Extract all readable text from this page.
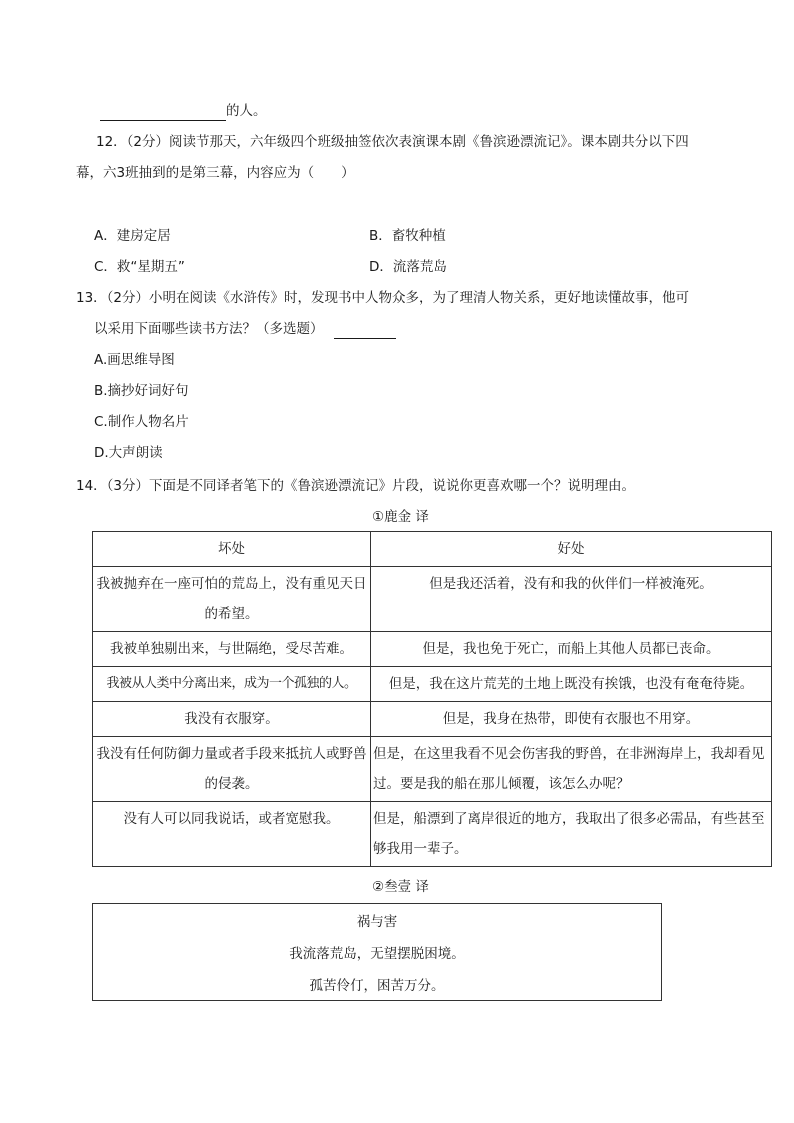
的人。
12．（2分）阅读节那天，六年级四个班级抽签依次表演课本剧《鲁滨逊漂流记》。课本剧共分以下四
幕，六3班抽到的是第三幕，内容应为（　　）
A．建房定居	B．畜牧种植
C．救“星期五”	D．流落荒岛
13．（2分）小明在阅读《水浒传》时，发现书中人物众多，为了理清人物关系，更好地读懂故事，他可
以采用下面哪些读书方法？（多选题）
A.画思维导图
B.摘抄好词好句
C.制作人物名片
D.大声朗读
14．（3分）下面是不同译者笔下的《鲁滨逊漂流记》片段，说说你更喜欢哪一个？说明理由。
①鹿金 译
坏处	好处
我被抛弃在一座可怕的荒岛上，没有重见天日的希望。	但是我还活着，没有和我的伙伴们一样被淹死。
我被单独剔出来，与世隔绝，受尽苦难。	但是，我也免于死亡，而船上其他人员都已丧命。
我被从人类中分离出来，成为一个孤独的人。	但是，我在这片荒芜的土地上既没有挨饿，也没有奄奄待毙。
我没有衣服穿。	但是，我身在热带，即使有衣服也不用穿。
我没有任何防御力量或者手段来抵抗人或野兽的侵袭。	但是，在这里我看不见会伤害我的野兽，在非洲海岸上，我却看见过。要是我的船在那儿倾覆，该怎么办呢？
没有人可以同我说话，或者宽慰我。	但是，船漂到了离岸很近的地方，我取出了很多必需品，有些甚至够我用一辈子。
②叁壹 译
祸与害
我流落荒岛，无望摆脱困境。
孤苦伶仃，困苦万分。
